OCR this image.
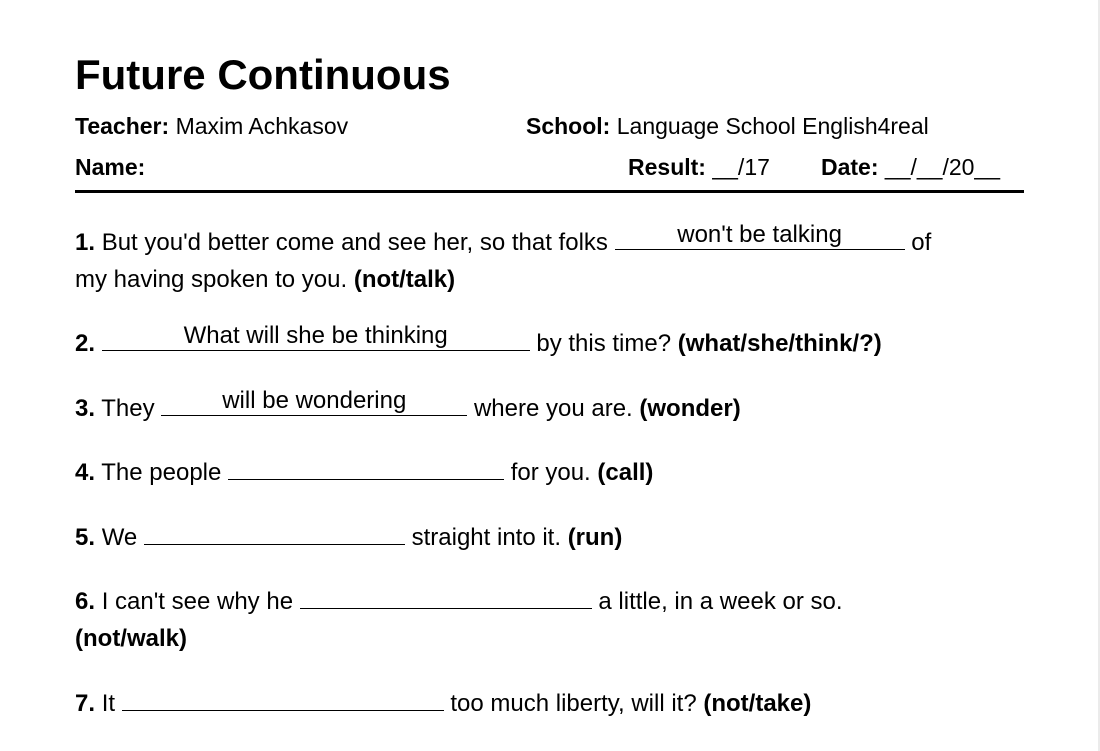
Future Continuous
Teacher: Maxim Achkasov	School: Language School English4real
Name:	Result: __/17 Date: __/__/20__
1. But you'd better come and see her, so that folks	won't be talking	of
my having spoken to you. (not/talk)
2.	What will she be thinking	by this time? (what/she/think/?)
3. They	will be wondering	where you are. (wonder)
4. The people	for you. (call)
5. We	straight into it. (run)
6. I can't see why he	a little, in a week or so.
(not/walk)
7. It	too much liberty, will it? (not/take)
